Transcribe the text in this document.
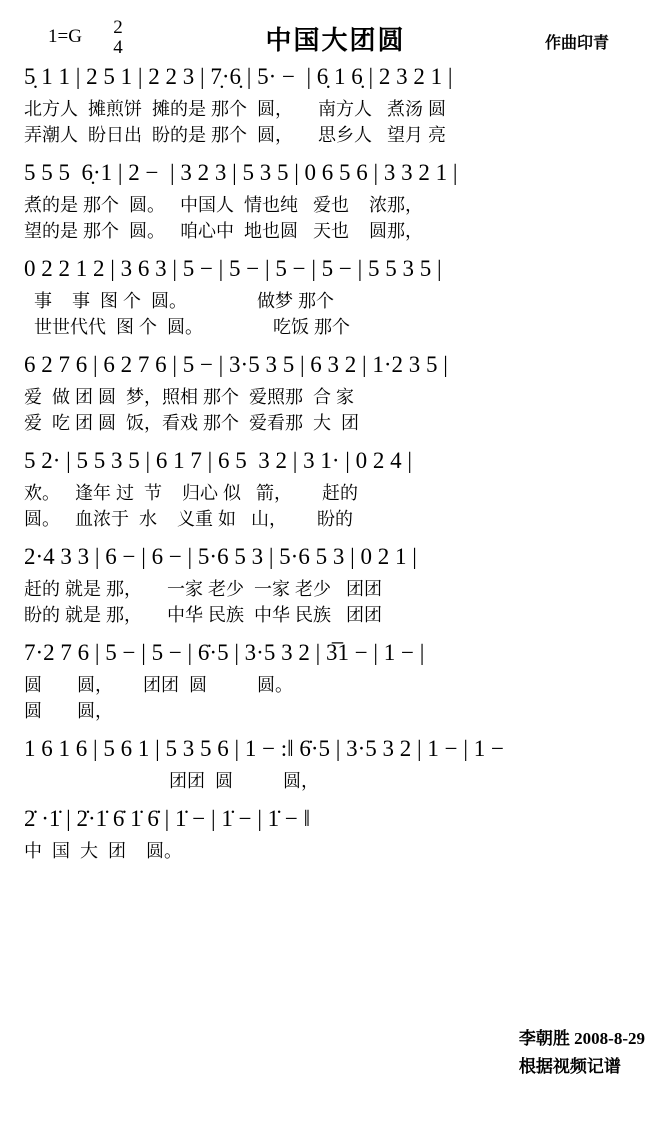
1=G	2
4	中国大团圆	作曲印青
5̣ 1 1 | 2 5 1 | 2 2 3 | 7̣·6̣ | 5· −  | 6̣ 1 6̣ | 2 3 2 1 |
北方人  摊煎饼  摊的是 那个  圆，     南方人   煮汤 圆
弄潮人  盼日出  盼的是 那个  圆，     思乡人   望月 亮
5 5 5  6̣·1 | 2 −  | 3 2 3 | 5 3 5 | 0 6 5 6 | 3 3 2 1 |
煮的是 那个  圆。   中国人  情也纯   爱也    浓那，
望的是 那个  圆。   咱心中  地也圆   天也    圆那，
0 2 2 1 2 | 3 6 3 | 5 − | 5 − | 5 − | 5 − | 5 5 3 5 |
事    事  图 个  圆。              做梦 那个
世世代代  图 个  圆。              吃饭 那个
6 2 7 6 | 6 2 7 6 | 5 − | 3·5 3 5 | 6 3 2 | 1·2 3 5 |
爱  做 团 圆  梦，照相 那个  爱照那  合 家
爱  吃 团 圆  饭，看戏 那个  爱看那  大  团
5 2· | 5 5 3 5 | 6 1 7 | 6 5  3 2 | 3 1· | 0 2 4 |
欢。   逢年 过  节    归心 似   箭，      赶的
圆。   血浓于  水    义重 如   山，      盼的
2·4 3 3 | 6 − | 6 − | 5·6 5 3 | 5·6 5 3 | 0 2 1 |
赶的 就是 那，     一家 老少  一家 老少   团团
盼的 就是 那，     中华 民族  中华 民族   团团
7·2 7 6 | 5 − | 5 − | 6̇·5 | 3·5 3 2 | 3̅1 − | 1 − |
圆       圆，      团团  圆          圆。
圆       圆，
1 6 1 6 | 5 6 1 | 5 3 5 6 | 1 − :‖ 6̇·5 | 3·5 3 2 | 1 − | 1 −
团团  圆          圆，
2̇ ·1̇ | 2̇·1̇ 6̇ 1̇ 6̇ | 1̇ − | 1̇ − | 1̇ − ‖
中  国  大  团    圆。
李朝胜 2008-8-29
根据视频记谱
